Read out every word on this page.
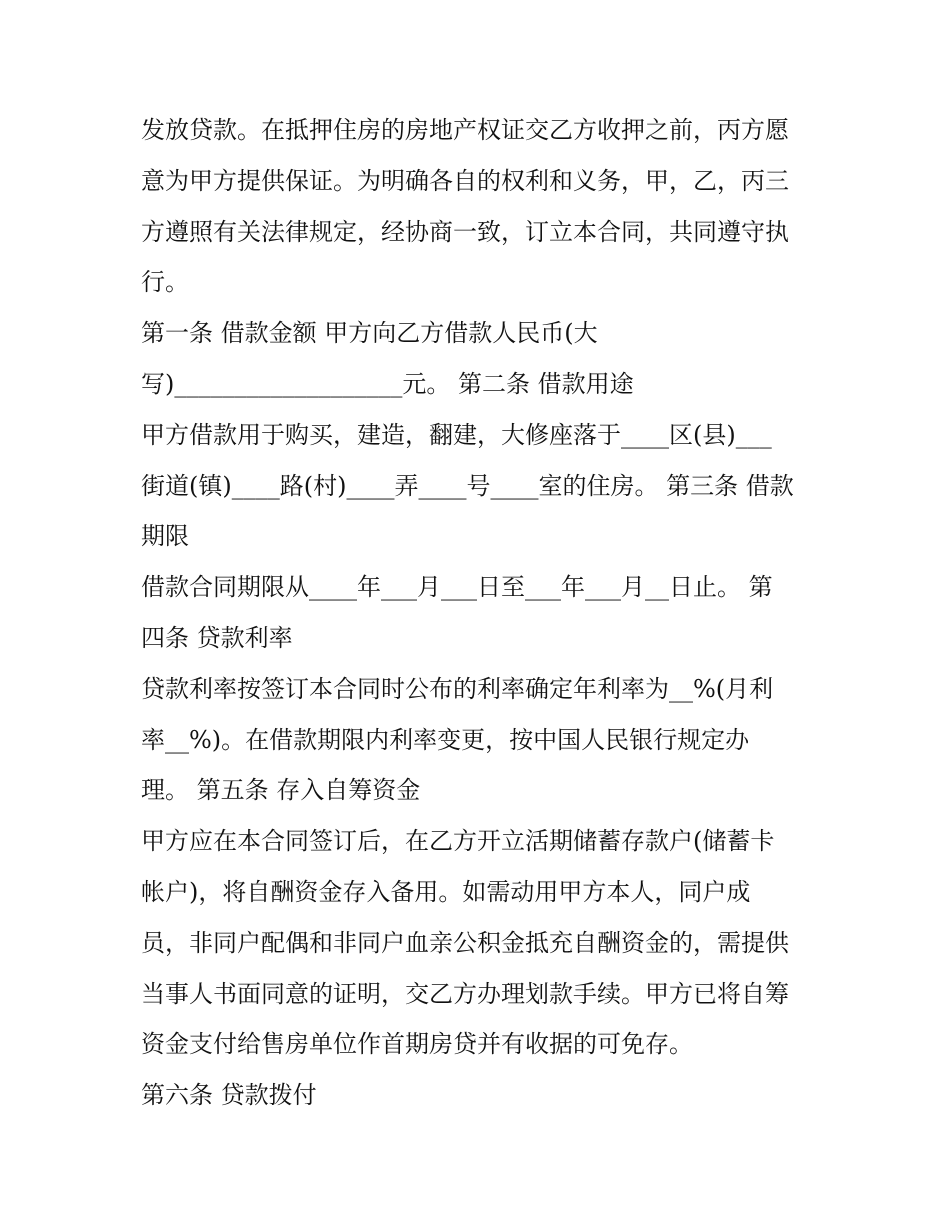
发放贷款。在抵押住房的房地产权证交乙方收押之前，丙方愿
意为甲方提供保证。为明确各自的权利和义务，甲，乙，丙三
方遵照有关法律规定，经协商一致，订立本合同，共同遵守执
行。
第一条 借款金额 甲方向乙方借款人民币(大
写)___________________元。 第二条 借款用途
甲方借款用于购买，建造，翻建，大修座落于____区(县)___
街道(镇)____路(村)____弄____号____室的住房。 第三条 借款
期限
借款合同期限从____年___月___日至___年___月__日止。 第
四条 贷款利率
贷款利率按签订本合同时公布的利率确定年利率为__%(月利
率__%)。在借款期限内利率变更，按中国人民银行规定办
理。 第五条 存入自筹资金
甲方应在本合同签订后，在乙方开立活期储蓄存款户(储蓄卡
帐户)，将自酬资金存入备用。如需动用甲方本人，同户成
员，非同户配偶和非同户血亲公积金抵充自酬资金的，需提供
当事人书面同意的证明，交乙方办理划款手续。甲方已将自筹
资金支付给售房单位作首期房贷并有收据的可免存。
第六条 贷款拨付
